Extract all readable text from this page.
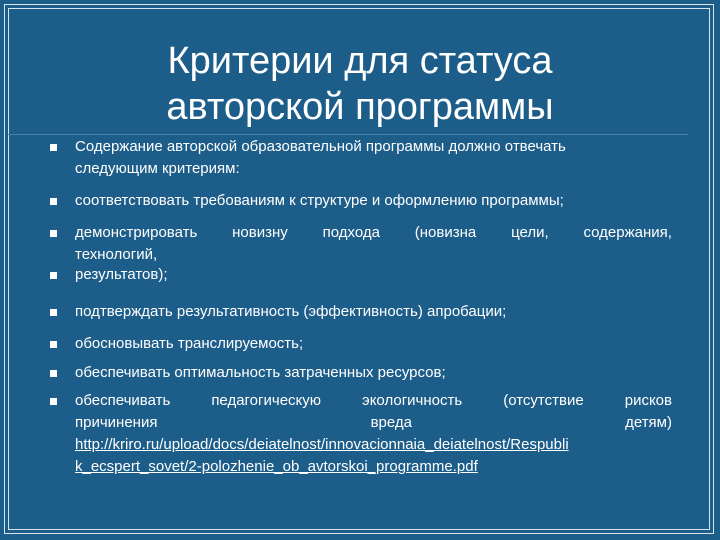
Критерии для статуса
авторской программы
Содержание авторской образовательной программы должно отвечать
следующим критериям:
соответствовать требованиям к структуре и оформлению программы;
демонстрировать новизну подхода (новизна цели, содержания,
технологий,
результатов);
подтверждать результативность (эффективность) апробации;
обосновывать транслируемость;
обеспечивать оптимальность затраченных ресурсов;
обеспечивать	педагогическую	экологичность	(отсутствие	рисков
причинения	вреда	детям)
http://kriro.ru/upload/docs/deiatelnost/innovacionnaia_deiatelnost/Respubli
k_ecspert_sovet/2-polozhenie_ob_avtorskoi_programme.pdf
